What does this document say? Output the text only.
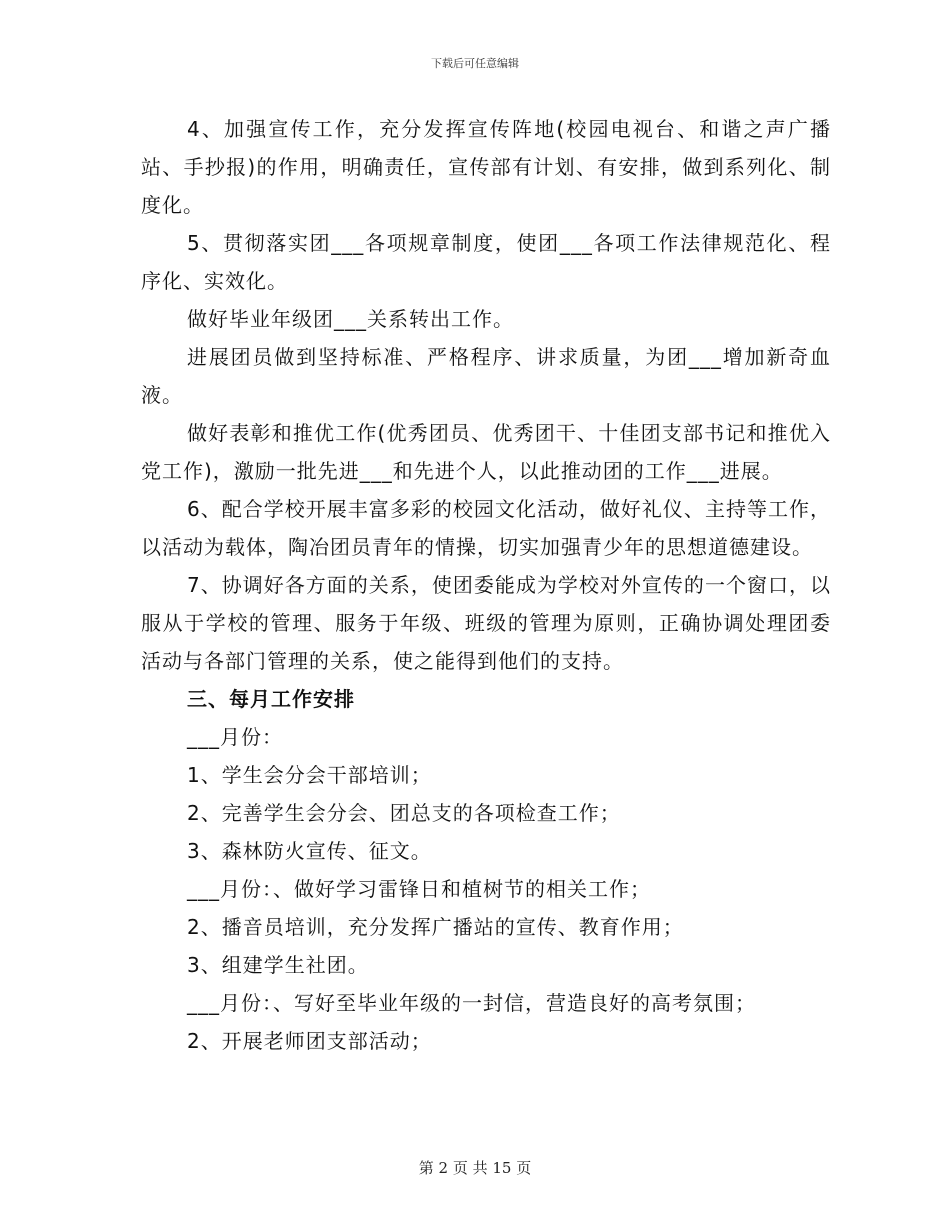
下载后可任意编辑

4、加强宣传工作，充分发挥宣传阵地(校园电视台、和谐之声广播站、手抄报)的作用，明确责任，宣传部有计划、有安排，做到系列化、制度化。

5、贯彻落实团___各项规章制度，使团___各项工作法律规范化、程序化、实效化。

做好毕业年级团___关系转出工作。

进展团员做到坚持标准、严格程序、讲求质量，为团___增加新奇血液。

做好表彰和推优工作(优秀团员、优秀团干、十佳团支部书记和推优入党工作)，激励一批先进___和先进个人，以此推动团的工作___进展。

6、配合学校开展丰富多彩的校园文化活动，做好礼仪、主持等工作，以活动为载体，陶冶团员青年的情操，切实加强青少年的思想道德建设。

7、协调好各方面的关系，使团委能成为学校对外宣传的一个窗口，以服从于学校的管理、服务于年级、班级的管理为原则，正确协调处理团委活动与各部门管理的关系，使之能得到他们的支持。

三、每月工作安排

___月份：

1、学生会分会干部培训；

2、完善学生会分会、团总支的各项检查工作；

3、森林防火宣传、征文。

___月份：、做好学习雷锋日和植树节的相关工作；

2、播音员培训，充分发挥广播站的宣传、教育作用；

3、组建学生社团。

___月份：、写好至毕业年级的一封信，营造良好的高考氛围；

2、开展老师团支部活动；

第 2 页 共 15 页
